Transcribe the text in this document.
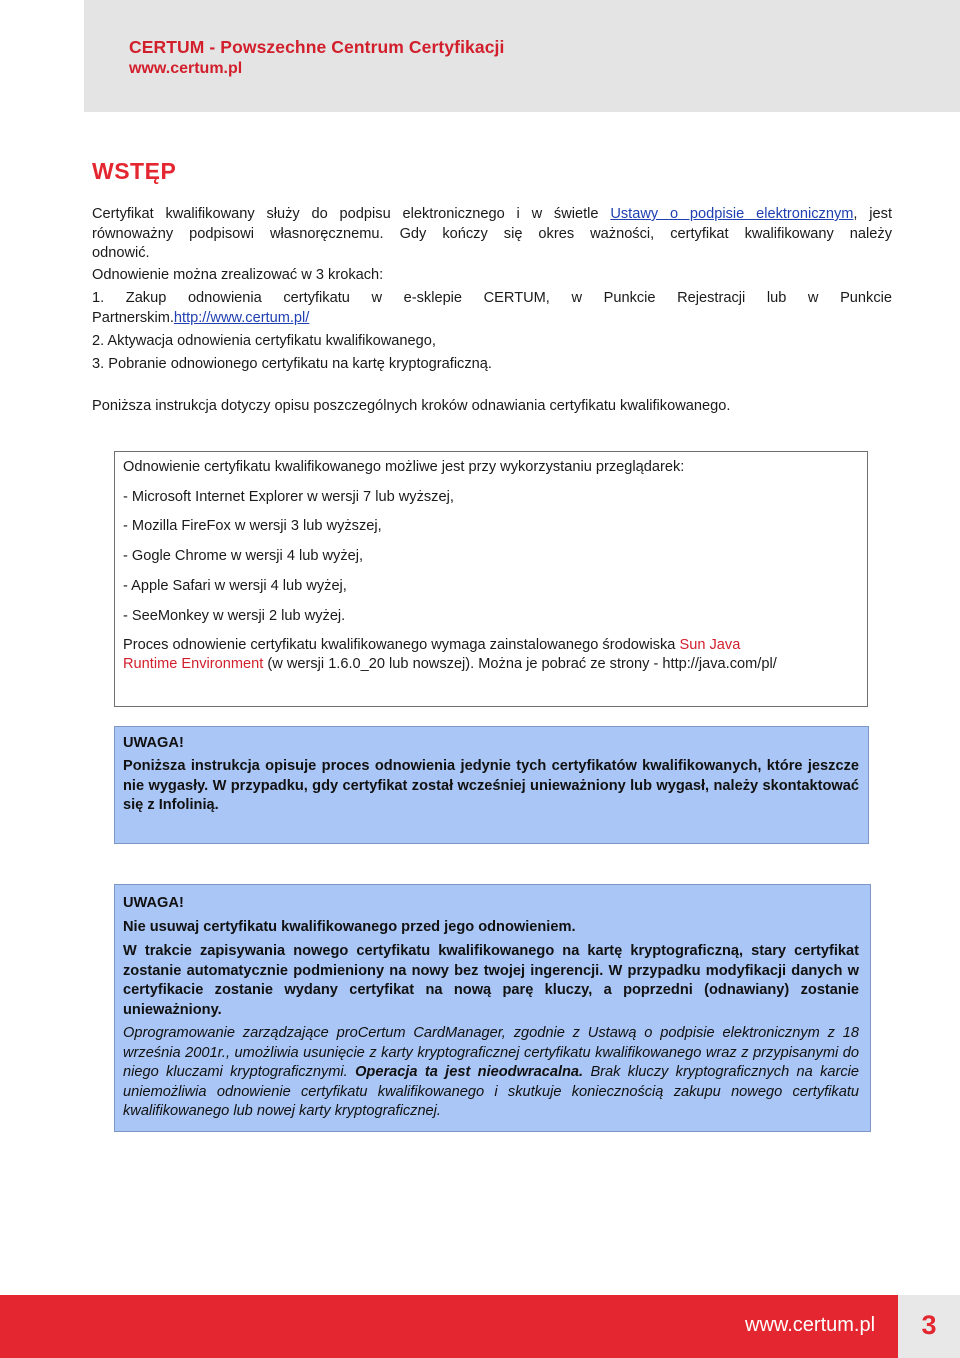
CERTUM - Powszechne Centrum Certyfikacji
www.certum.pl
WSTĘP
Certyfikat kwalifikowany służy do podpisu elektronicznego i w świetle Ustawy o podpisie elektronicznym, jest
równoważny podpisowi własnoręcznemu. Gdy kończy się okres ważności, certyfikat kwalifikowany należy
odnowić.
Odnowienie można zrealizować w 3 krokach:
1. Zakup odnowienia certyfikatu w e-sklepie CERTUM, w Punkcie Rejestracji lub w Punkcie
Partnerskim.http://www.certum.pl/
2. Aktywacja odnowienia certyfikatu kwalifikowanego,
3. Pobranie odnowionego certyfikatu na kartę kryptograficzną.
Poniższa instrukcja dotyczy opisu poszczególnych kroków odnawiania certyfikatu kwalifikowanego.
Odnowienie certyfikatu kwalifikowanego możliwe jest przy wykorzystaniu przeglądarek:
- Microsoft Internet Explorer w wersji 7 lub wyższej,
- Mozilla FireFox w wersji 3 lub wyższej,
- Gogle Chrome w wersji 4 lub wyżej,
- Apple Safari w wersji 4 lub wyżej,
- SeeMonkey w wersji 2 lub wyżej.
Proces odnowienie certyfikatu kwalifikowanego wymaga zainstalowanego środowiska Sun Java
Runtime Environment (w wersji 1.6.0_20 lub nowszej). Można je pobrać ze strony - http://java.com/pl/
UWAGA!
Poniższa instrukcja opisuje proces odnowienia jedynie tych certyfikatów kwalifikowanych, które jeszcze nie wygasły. W przypadku, gdy certyfikat został wcześniej unieważniony lub wygasł, należy skontaktować się z Infolinią.
UWAGA!
Nie usuwaj certyfikatu kwalifikowanego przed jego odnowieniem.
W trakcie zapisywania nowego certyfikatu kwalifikowanego na kartę kryptograficzną, stary certyfikat zostanie automatycznie podmieniony na nowy bez twojej ingerencji. W przypadku modyfikacji danych w certyfikacie zostanie wydany certyfikat na nową parę kluczy, a poprzedni (odnawiany) zostanie unieważniony.
Oprogramowanie zarządzające proCertum CardManager, zgodnie z Ustawą o podpisie elektronicznym z 18 września 2001r., umożliwia usunięcie z karty kryptograficznej certyfikatu kwalifikowanego wraz z przypisanymi do niego kluczami kryptograficznymi. Operacja ta jest nieodwracalna. Brak kluczy kryptograficznych na karcie uniemożliwia odnowienie certyfikatu kwalifikowanego i skutkuje koniecznością zakupu nowego certyfikatu kwalifikowanego lub nowej karty kryptograficznej.
www.certum.pl	3
